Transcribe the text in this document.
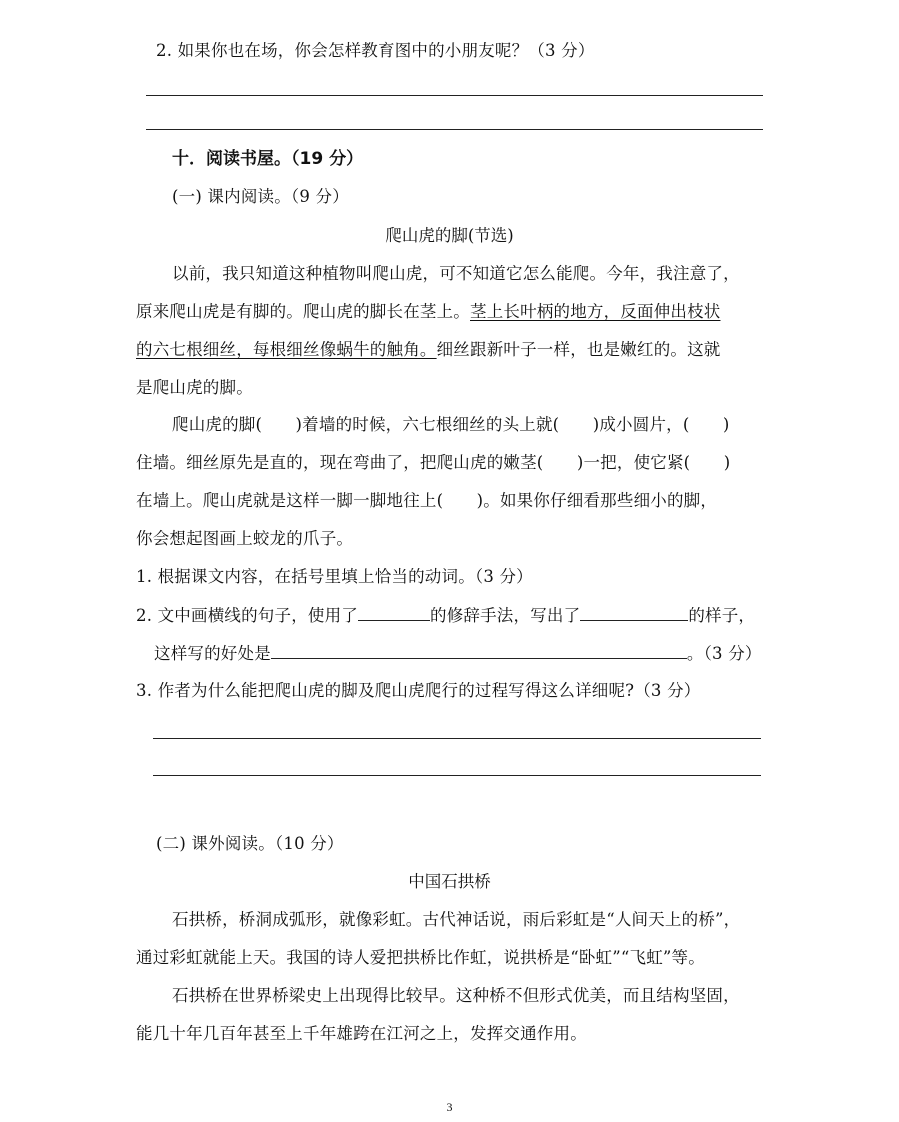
2. 如果你也在场，你会怎样教育图中的小朋友呢？（3 分）
十．阅读书屋。（19 分）
(一) 课内阅读。（9 分）
爬山虎的脚(节选)
以前，我只知道这种植物叫爬山虎，可不知道它怎么能爬。今年，我注意了，
原来爬山虎是有脚的。爬山虎的脚长在茎上。茎上长叶柄的地方，反面伸出枝状
的六七根细丝，每根细丝像蜗牛的触角。细丝跟新叶子一样，也是嫩红的。这就
是爬山虎的脚。
爬山虎的脚(　　)着墙的时候，六七根细丝的头上就(　　)成小圆片，(　　)
住墙。细丝原先是直的，现在弯曲了，把爬山虎的嫩茎(　　)一把，使它紧(　　)
在墙上。爬山虎就是这样一脚一脚地往上(　　)。如果你仔细看那些细小的脚，
你会想起图画上蛟龙的爪子。
1. 根据课文内容，在括号里填上恰当的动词。（3 分）
2. 文中画横线的句子，使用了	的修辞手法，写出了	的样子，
这样写的好处是	。（3 分）
3. 作者为什么能把爬山虎的脚及爬山虎爬行的过程写得这么详细呢?（3 分）
(二) 课外阅读。（10 分）
中国石拱桥
石拱桥，桥洞成弧形，就像彩虹。古代神话说，雨后彩虹是“人间天上的桥”，
通过彩虹就能上天。我国的诗人爱把拱桥比作虹，说拱桥是“卧虹”“飞虹”等。
石拱桥在世界桥梁史上出现得比较早。这种桥不但形式优美，而且结构坚固，
能几十年几百年甚至上千年雄跨在江河之上，发挥交通作用。
3
